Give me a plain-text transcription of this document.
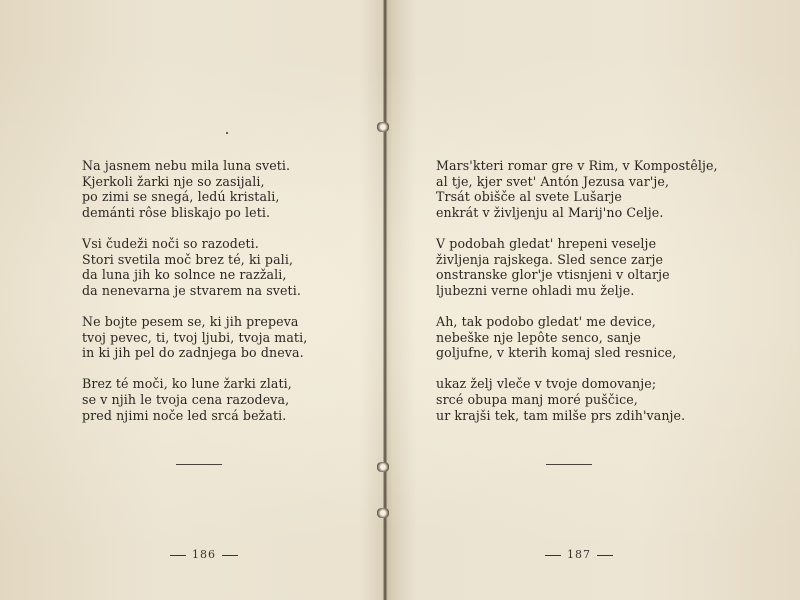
Na jasnem nebu mila luna sveti.
Kjerkoli žarki nje so zasijali,
po zimi se snegá, ledú kristali,
demánti rôse bliskajo po leti.
Vsi čudeži noči so razodeti.
Stori svetila moč brez té, ki pali,
da luna jih ko solnce ne razžali,
da nenevarna je stvarem na sveti.
Ne bojte pesem se, ki jih prepeva
tvoj pevec, ti, tvoj ljubi, tvoja mati,
in ki jih pel do zadnjega bo dneva.
Brez té moči, ko lune žarki zlati,
se v njih le tvoja cena razodeva,
pred njimi noče led srcá bežati.
186
Mars'kteri romar gre v Rim, v Kompostêlje,
al tje, kjer svet' Antón Jezusa var'je,
Trsát obišče al svete Lušarje
enkrát v življenju al Marij'no Celje.
V podobah gledat' hrepeni veselje
življenja rajskega. Sled sence zarje
onstranske glor'je vtisnjeni v oltarje
ljubezni verne ohladi mu želje.
Ah, tak podobo gledat' me device,
nebeške nje lepôte senco, sanje
goljufne, v kterih komaj sled resnice,
ukaz želj vleče v tvoje domovanje;
srcé obupa manj moré puščice,
ur krajši tek, tam milše prs zdih'vanje.
187
